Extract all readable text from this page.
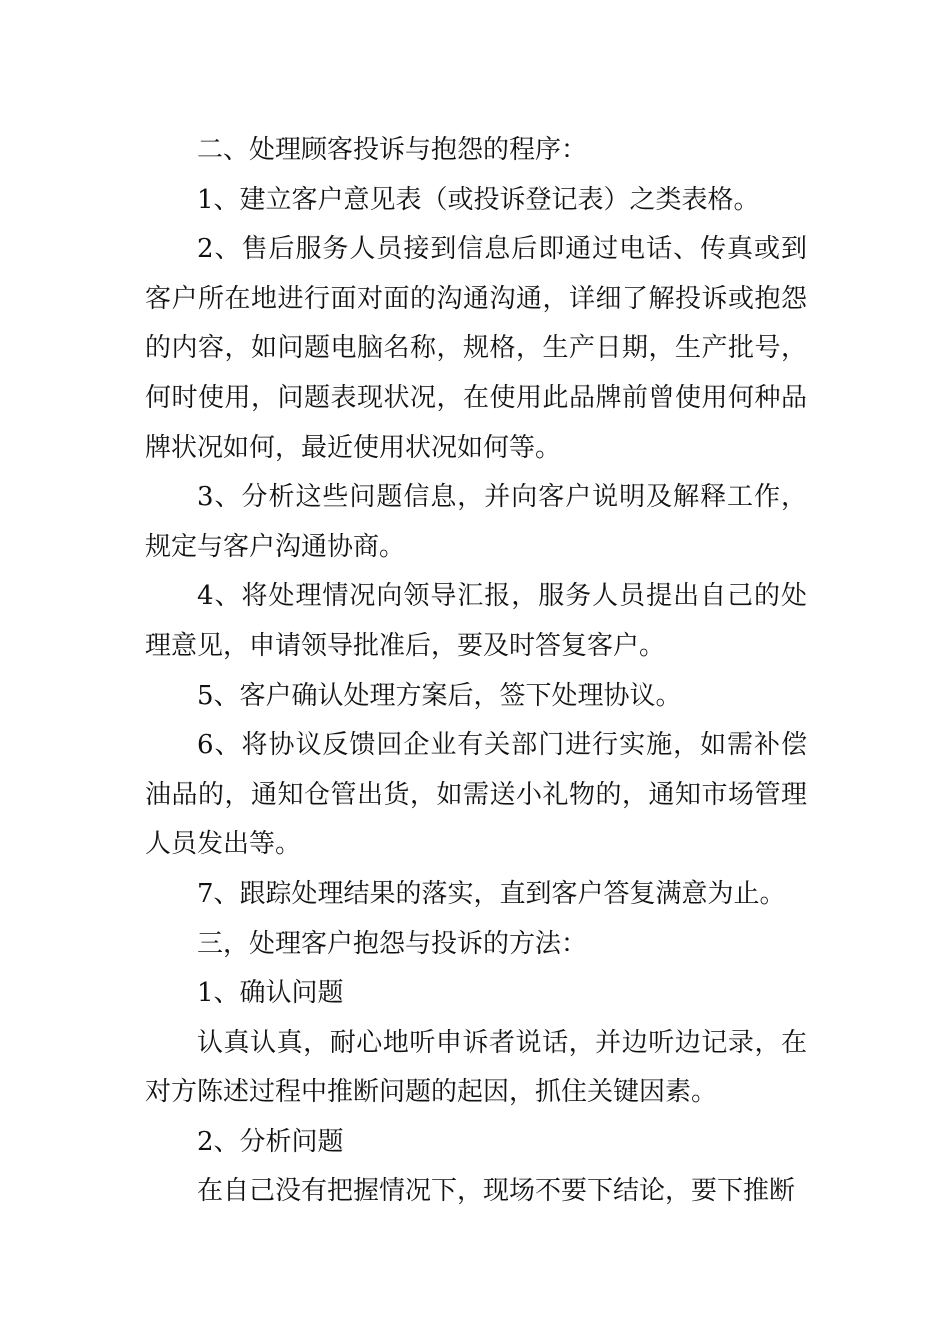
二、处理顾客投诉与抱怨的程序：

1、建立客户意见表（或投诉登记表）之类表格。

2、售后服务人员接到信息后即通过电话、传真或到客户所在地进行面对面的沟通沟通，详细了解投诉或抱怨的内容，如问题电脑名称，规格，生产日期，生产批号，何时使用，问题表现状况，在使用此品牌前曾使用何种品牌状况如何，最近使用状况如何等。

3、分析这些问题信息，并向客户说明及解释工作，规定与客户沟通协商。

4、将处理情况向领导汇报，服务人员提出自己的处理意见，申请领导批准后，要及时答复客户。

5、客户确认处理方案后，签下处理协议。

6、将协议反馈回企业有关部门进行实施，如需补偿油品的，通知仓管出货，如需送小礼物的，通知市场管理人员发出等。

7、跟踪处理结果的落实，直到客户答复满意为止。

三，处理客户抱怨与投诉的方法：

1、确认问题

认真认真，耐心地听申诉者说话，并边听边记录，在对方陈述过程中推断问题的起因，抓住关键因素。

2、分析问题

在自己没有把握情况下，现场不要下结论，要下推断
